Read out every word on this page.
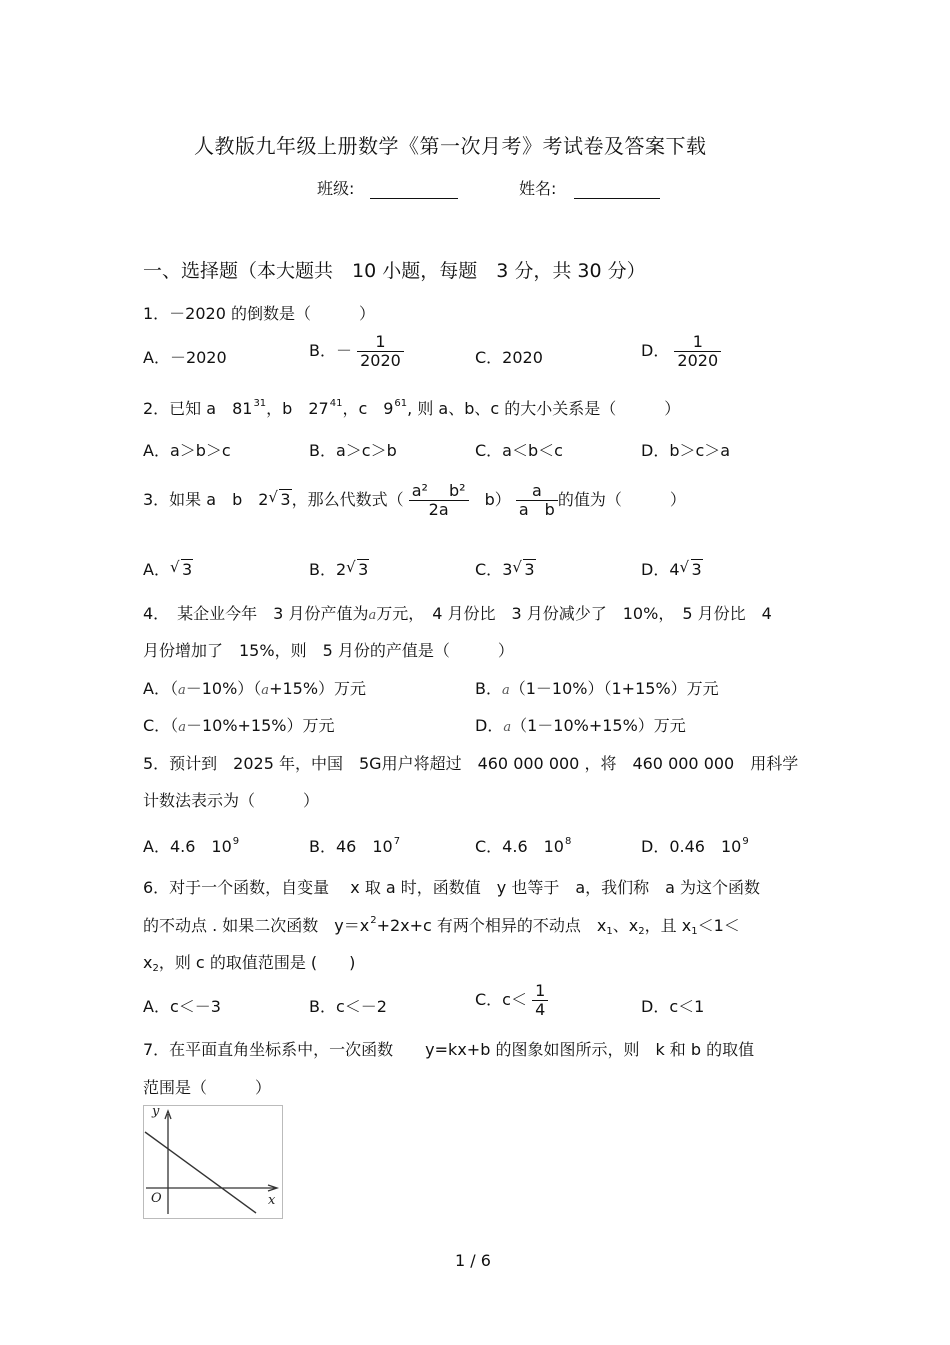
人教版九年级上册数学《第一次月考》考试卷及答案下载
班级:	姓名:
一、选择题（本大题共　10 小题，每题　3 分，共 30 分）
1．－2020 的倒数是（　　　）
A．－2020	B．－ $\frac{1}{2020}$	C．2020	D． $\frac{1}{2020}$
2．已知 a　$81^{31}$，b　$27^{41}$，c　$9^{61}$, 则 a、b、c 的大小关系是（　　　）
A．a＞b＞c	B．a＞c＞b	C．a＜b＜c	D．b＞c＞a
3．如果 a　b　2 √ 3，那么代数式（ $\frac{\text{a² 　b²}}{2a}$ 　$b) \frac{a}{\text{a　b}}$ 的值为（　　　）
A． √ 3	B．2 √ 3	C．3 √ 3	D．4 √ 3
4．　某企业今年　3 月份产值为a万元，　4 月份比　3 月份减少了　10%，　5 月份比　4
月份增加了　15%，则　5 月份的产值是（　　　）
A．（a－10%）（a+15%）万元	B．a（1－10%）（1+15%）万元
C．（a－10%+15%）万元	D．a（1－10%+15%）万元
5．预计到　2025 年，中国　5G用户将超过　460 000 000 ，将　460 000 000　用科学
计数法表示为（　　　）
A．4.6　$10^9$	B．46　$10^7$	C．4.6　$10^8$	D．0.46　$10^9$
6．对于一个函数，自变量　 x 取 a 时，函数值　y 也等于　a，我们称　a 为这个函数
的不动点 . 如果二次函数　$y=x^2+2x+c$ 有两个相异的不动点　x1、x2，且 x1＜1＜
x2，则 c 的取值范围是 (　　)
A．c＜－3	B．c＜－2	C．$c< \frac{1}{4}$	D．c＜1
7．在平面直角坐标系中，一次函数　　y=kx+b 的图象如图所示，则　k 和 b 的取值
范围是（　　　）
y
O	x
1 / 6
